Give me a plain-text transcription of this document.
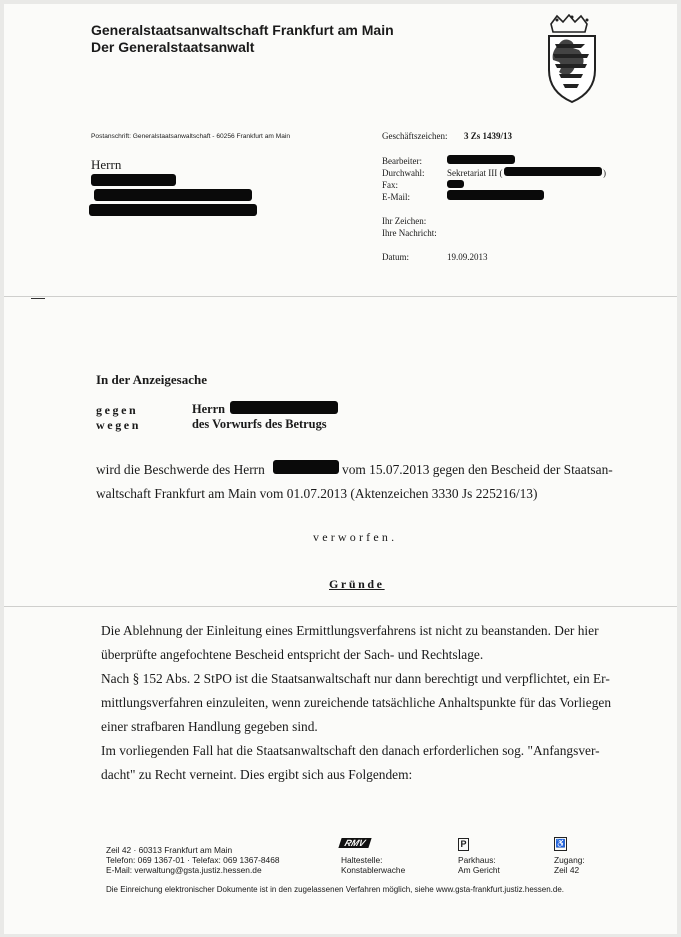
Generalstaatsanwaltschaft Frankfurt am Main
Der Generalstaatsanwalt
Postanschrift: Generalstaatsanwaltschaft - 60256 Frankfurt am Main
Herrn
Geschäftszeichen: 3 Zs 1439/13
Bearbeiter:
Durchwahl:	Sekretariat III (	)
Fax:
E-Mail:
Ihr Zeichen:
Ihre Nachricht:
Datum:	19.09.2013
In der Anzeigesache
gegen	Herrn
wegen	des Vorwurfs des Betrugs
wird die Beschwerde des Herrn	vom 15.07.2013 gegen den Bescheid der Staatsan-
waltschaft Frankfurt am Main vom 01.07.2013 (Aktenzeichen 3330 Js 225216/13)
verworfen.
Gründe
Die Ablehnung der Einleitung eines Ermittlungsverfahrens ist nicht zu beanstanden. Der hier
überprüfte angefochtene Bescheid entspricht der Sach- und Rechtslage.
Nach § 152 Abs. 2 StPO ist die Staatsanwaltschaft nur dann berechtigt und verpflichtet, ein Er-
mittlungsverfahren einzuleiten, wenn zureichende tatsächliche Anhaltspunkte für das Vorliegen
einer strafbaren Handlung gegeben sind.
Im vorliegenden Fall hat die Staatsanwaltschaft den danach erforderlichen sog. "Anfangsver-
dacht" zu Recht verneint. Dies ergibt sich aus Folgendem:
Zeil 42 · 60313 Frankfurt am Main
Telefon: 069 1367-01 · Telefax: 069 1367-8468
E-Mail: verwaltung@gsta.justiz.hessen.de
RMV
Haltestelle:
Konstablerwache
P
Parkhaus:
Am Gericht
♿
Zugang:
Zeil 42
Die Einreichung elektronischer Dokumente ist in den zugelassenen Verfahren möglich, siehe www.gsta-frankfurt.justiz.hessen.de.
